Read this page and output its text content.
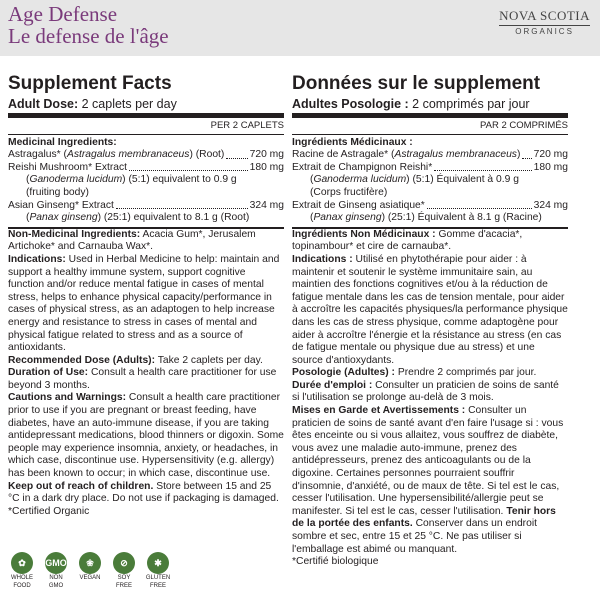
Age Defense
Le defense de l'âge
NOVA SCOTIA
ORGANICS
Supplement Facts
Adult Dose: 2 caplets per day
PER 2 CAPLETS
Medicinal Ingredients:
Astragalus* (Astragalus membranaceus) (Root) 720 mg
Reishi Mushroom* Extract	180 mg
(Ganoderma lucidum) (5:1) equivalent to 0.9 g
(fruiting body)
Asian Ginseng* Extract	324 mg
(Panax ginseng) (25:1) equivalent to 8.1 g (Root)

Non-Medicinal Ingredients: Acacia Gum*, Jerusalem Artichoke* and Carnauba Wax*.

Indications: Used in Herbal Medicine to help: maintain and support a healthy immune system, support cognitive function and/or reduce mental fatigue in cases of mental stress, helps to enhance physical capacity/performance in cases of physical stress, as an adaptogen to help increase energy and resistance to stress in cases of mental and physical fatigue related to stress and as a source of antioxidants.

Recommended Dose (Adults): Take 2 caplets per day.

Duration of Use: Consult a health care practitioner for use beyond 3 months.

Cautions and Warnings: Consult a health care practitioner prior to use if you are pregnant or breast feeding, have diabetes, have an auto-immune disease, if you are taking antidepressant medications, blood thinners or digoxin. Some people may experience insomnia, anxiety, or headaches, in which case, discontinue use. Hypersensitivity (e.g. allergy) has been known to occur; in which case, discontinue use. Keep out of reach of children. Store between 15 and 25 °C in a dark dry place. Do not use if packaging is damaged.

*Certified Organic

Données sur le supplement
Adultes Posologie : 2 comprimés par jour
PAR 2 COMPRIMÉS
Ingrédients Médicinaux :
Racine de Astragale* (Astragalus membranaceus) 720 mg
Extrait de Champignon Reishi*	180 mg
(Ganoderma lucidum) (5:1) Équivalent à 0.9 g
(Corps fructifère)
Extrait de Ginseng asiatique*	324 mg
(Panax ginseng) (25:1) Équivalent à 8.1 g (Racine)

Ingrédients Non Médicinaux : Gomme d'acacia*, topinambour* et cire de carnauba*.

Indications : Utilisé en phytothérapie pour aider : à maintenir et soutenir le système immunitaire sain, au maintien des fonctions cognitives et/ou à la réduction de fatigue mentale dans les cas de tension mentale, pour aider à accroître les capacités physiques/la performance physique dans les cas de stress physique, comme adaptogène pour aider à accroître l'énergie et la résistance au stress (en cas de fatigue mentale ou physique due au stress) et une source d'antioxydants.

Posologie (Adultes) : Prendre 2 comprimés par jour.

Durée d'emploi : Consulter un praticien de soins de santé si l'utilisation se prolonge au-delà de 3 mois.

Mises en Garde et Avertissements : Consulter un praticien de soins de santé avant d'en faire l'usage si : vous êtes enceinte ou si vous allaitez, vous souffrez de diabète, vous avez une maladie auto-immune, prenez des antidépresseurs, prenez des anticoagulants ou de la digoxine. Certaines personnes pourraient souffrir d'insomnie, d'anxiété, ou de maux de tête. Si tel est le cas, cesser l'utilisation. Une hypersensibilité/allergie peut se manifester. Si tel est le cas, cesser l'utilisation. Tenir hors de la portée des enfants. Conserver dans un endroit sombre et sec, entre 15 et 25 °C. Ne pas utiliser si l'emballage est abimé ou manquant.

*Certifié biologique

✿
WHOLE
FOOD
GMO
NON
GMO
❀
VEGAN
⊘
SOY
FREE
✱
GLUTEN
FREE
